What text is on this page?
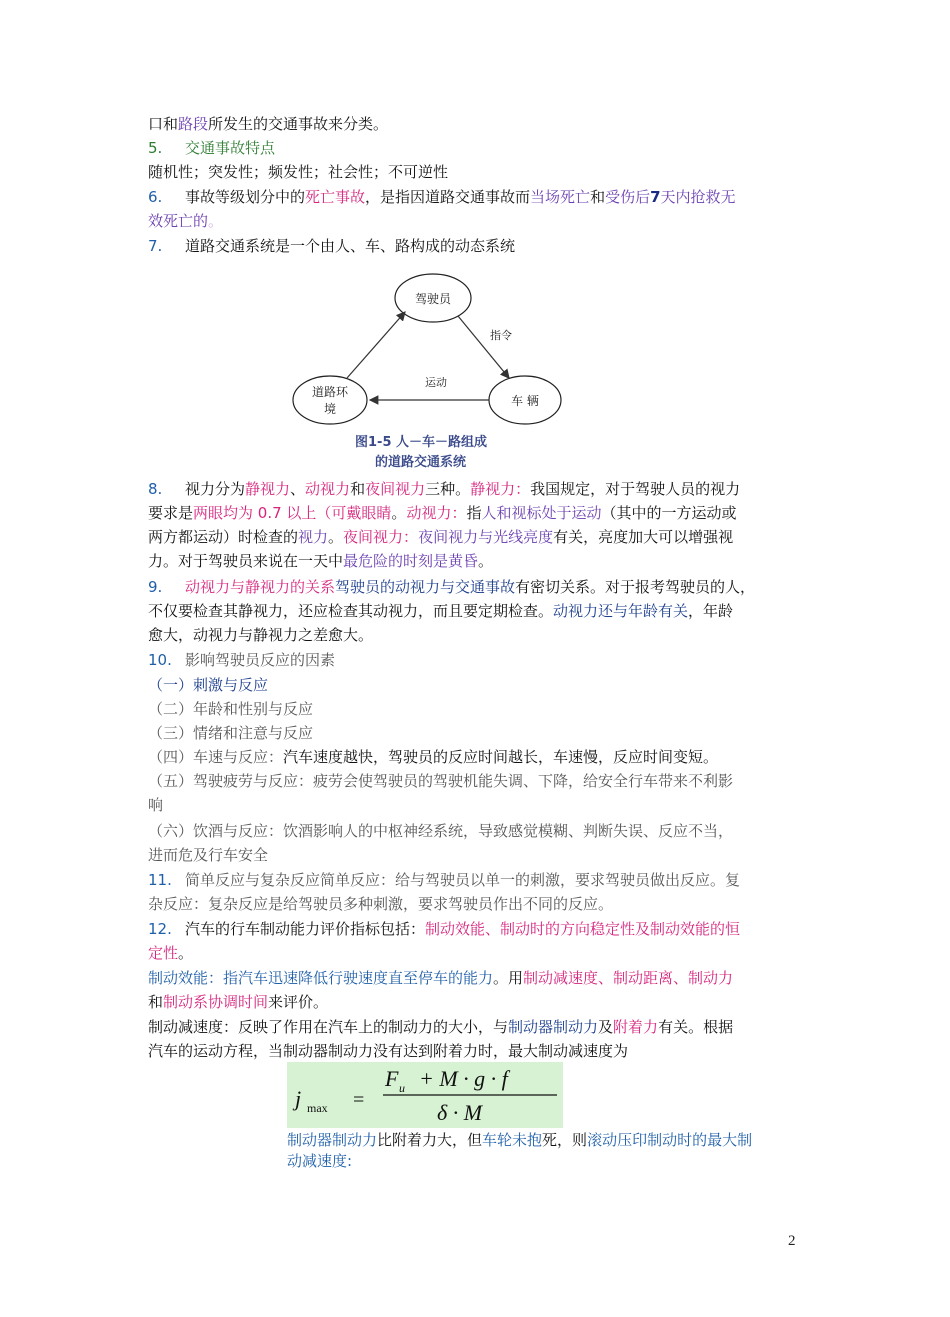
口和路段所发生的交通事故来分类。
5. 交通事故特点
随机性；突发性；频发性；社会性；不可逆性
6. 事故等级划分中的死亡事故，是指因道路交通事故而当场死亡和受伤后7天内抢救无
效死亡的。
7. 道路交通系统是一个由人、车、路构成的动态系统
驾驶员
道路环
境
车 辆
指令
运动
图1-5 人－车－路组成
的道路交通系统
8. 视力分为静视力、动视力和夜间视力三种。静视力：我国规定，对于驾驶人员的视力
要求是两眼均为 0.7 以上（可戴眼睛。动视力：指人和视标处于运动（其中的一方运动或
两方都运动）时检查的视力。夜间视力：夜间视力与光线亮度有关，亮度加大可以增强视
力。对于驾驶员来说在一天中最危险的时刻是黄昏。
9. 动视力与静视力的关系驾驶员的动视力与交通事故有密切关系。对于报考驾驶员的人，
不仅要检查其静视力，还应检查其动视力，而且要定期检查。动视力还与年龄有关，年龄
愈大，动视力与静视力之差愈大。
10. 影响驾驶员反应的因素
（一）刺激与反应
（二）年龄和性别与反应
（三）情绪和注意与反应
（四）车速与反应：汽车速度越快，驾驶员的反应时间越长，车速慢，反应时间变短。
（五）驾驶疲劳与反应：疲劳会使驾驶员的驾驶机能失调、下降，给安全行车带来不利影
响
（六）饮酒与反应：饮酒影响人的中枢神经系统，导致感觉模糊、判断失误、反应不当，
进而危及行车安全
11. 简单反应与复杂反应简单反应：给与驾驶员以单一的刺激，要求驾驶员做出反应。复
杂反应：复杂反应是给驾驶员多种刺激，要求驾驶员作出不同的反应。
12. 汽车的行车制动能力评价指标包括：制动效能、制动时的方向稳定性及制动效能的恒
定性。
制动效能：指汽车迅速降低行驶速度直至停车的能力。用制动减速度、制动距离、制动力
和制动系协调时间来评价。
制动减速度：反映了作用在汽车上的制动力的大小，与制动器制动力及附着力有关。根据
汽车的运动方程，当制动器制动力没有达到附着力时，最大制动减速度为
j max =
F u + M · g · f
δ · M
制动器制动力比附着力大，但车轮未抱死，则滚动压印制动时的最大制
动减速度:
2
